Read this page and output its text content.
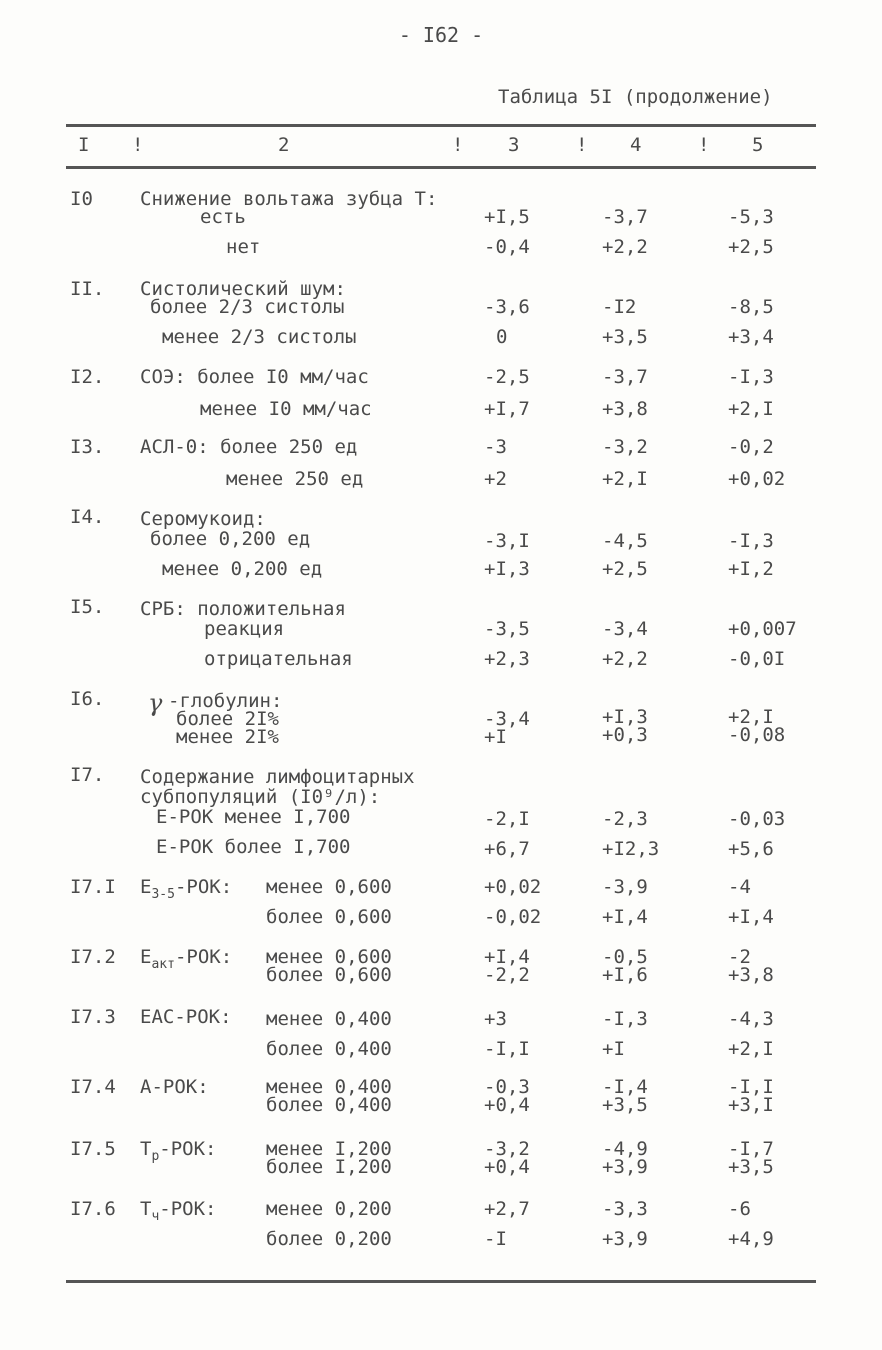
- I62 -
Таблица 5I (продолжение)
I !	2	! 3	! 4	! 5
I0 Снижение вольтажа зубца Т:
есть	+I,5	-3,7	-5,3
нет	-0,4	+2,2	+2,5
II. Систолический шум:
более 2/3 систолы	-3,6	-I2	-8,5
менее 2/3 систолы	0	+3,5	+3,4
I2. СОЭ: более I0 мм/час	-2,5	-3,7	-I,3
менее I0 мм/час	+I,7	+3,8	+2,I
I3. АСЛ-0: более 250 ед	-3	-3,2	-0,2
менее 250 ед	+2	+2,I	+0,02
I4. Серомукоид:
более 0,200 ед	-3,I	-4,5	-I,3
менее 0,200 ед	+I,3	+2,5	+I,2
I5. СРБ: положительная
реакция	-3,5	-3,4	+0,007
отрицательная	+2,3	+2,2	-0,0I
I6. γ -глобулин:
более 2I%	-3,4	+I,3	+2,I
менее 2I%	+I	+0,3	-0,08
I7. Содержание лимфоцитарных
субпопуляций (I0⁹/л):
Е-РОК менее I,700	-2,I	-2,3	-0,03
Е-РОК более I,700	+6,7	+I2,3	+5,6
I7.I $Е_{3-5}$-РОК: менее 0,600	+0,02	-3,9	-4
более 0,600	-0,02	+I,4	+I,4
I7.2 $Е_{акт}$-РОК: менее 0,600	+I,4	-0,5	-2
более 0,600	-2,2	+I,6	+3,8
I7.3 ЕАС-РОК: менее 0,400	+3	-I,3	-4,3
более 0,400	-I,I	+I	+2,I
I7.4 А-РОК:	менее 0,400	-0,3	-I,4	-I,I
более 0,400	+0,4	+3,5	+3,I
I7.5 $Т_р$-РОК:	менее I,200	-3,2	-4,9	-I,7
более I,200	+0,4	+3,9	+3,5
I7.6 $Т_ч$-РОК:	менее 0,200	+2,7	-3,3	-6
более 0,200	-I	+3,9	+4,9
